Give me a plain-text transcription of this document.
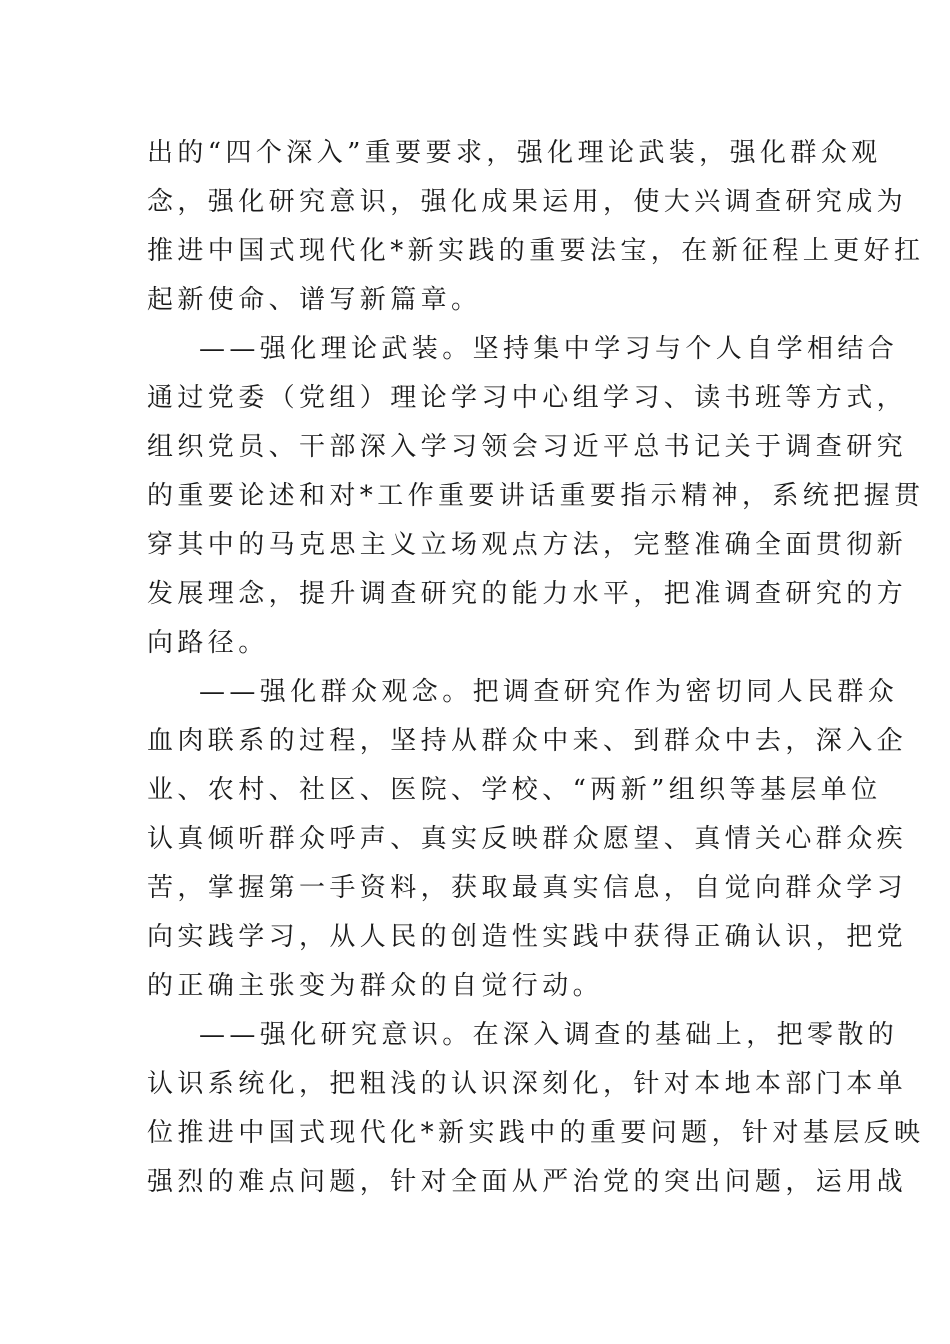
出的“四个深入”重要要求，强化理论武装，强化群众观
念，强化研究意识，强化成果运用，使大兴调查研究成为
推进中国式现代化*新实践的重要法宝，在新征程上更好扛
起新使命、谱写新篇章。
——强化理论武装。坚持集中学习与个人自学相结合
通过党委（党组）理论学习中心组学习、读书班等方式，
组织党员、干部深入学习领会习近平总书记关于调查研究
的重要论述和对*工作重要讲话重要指示精神，系统把握贯
穿其中的马克思主义立场观点方法，完整准确全面贯彻新
发展理念，提升调查研究的能力水平，把准调查研究的方
向路径。
——强化群众观念。把调查研究作为密切同人民群众
血肉联系的过程，坚持从群众中来、到群众中去，深入企
业、农村、社区、医院、学校、“两新”组织等基层单位
认真倾听群众呼声、真实反映群众愿望、真情关心群众疾
苦，掌握第一手资料，获取最真实信息，自觉向群众学习
向实践学习，从人民的创造性实践中获得正确认识，把党
的正确主张变为群众的自觉行动。
——强化研究意识。在深入调查的基础上，把零散的
认识系统化，把粗浅的认识深刻化，针对本地本部门本单
位推进中国式现代化*新实践中的重要问题，针对基层反映
强烈的难点问题，针对全面从严治党的突出问题，运用战
